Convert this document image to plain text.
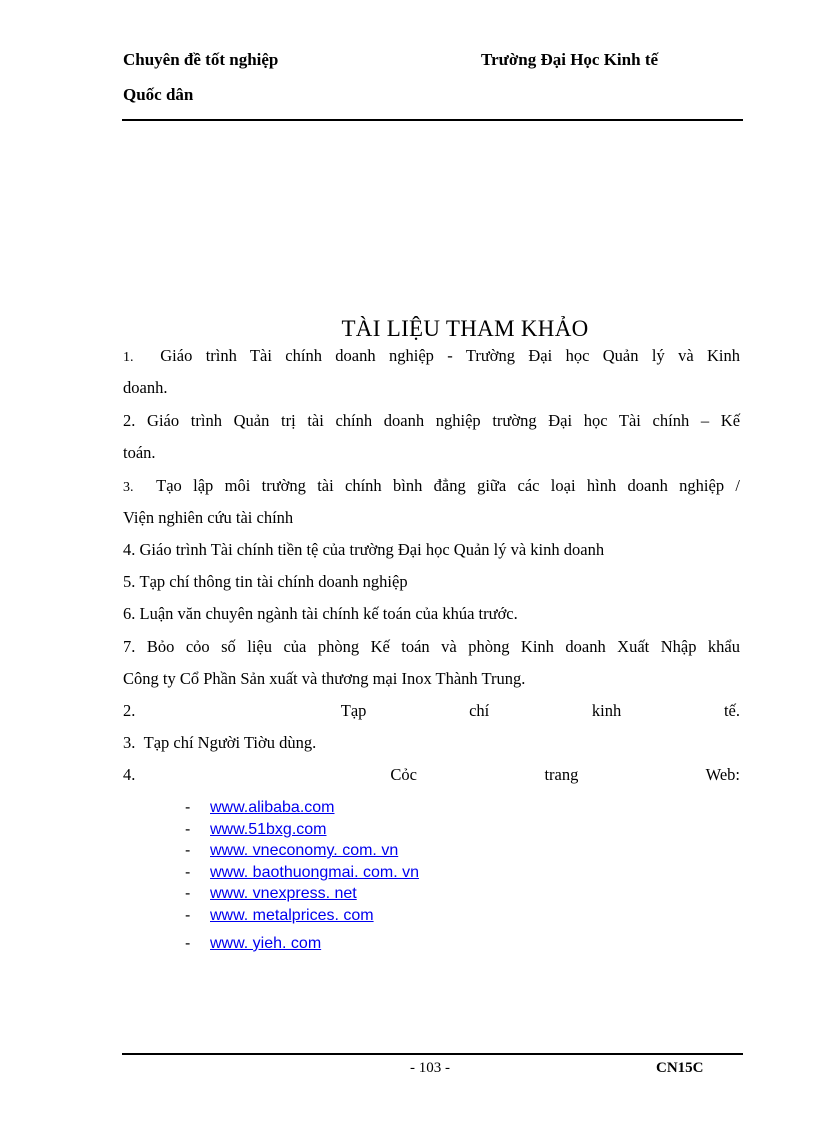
Chuyên đề tốt nghiệp	Trường Đại Học Kinh tế
Quốc dân
TÀI LIỆU THAM KHẢO
1. Giáo trình Tài chính doanh nghiệp - Trường Đại học Quản lý và Kinh
doanh.
2. Giáo trình Quản trị tài chính doanh nghiệp trường Đại học Tài chính – Kế
toán.
3. Tạo lập môi trường tài chính bình đẳng giữa các loại hình doanh nghiệp /
Viện nghiên cứu tài chính
4. Giáo trình Tài chính tiền tệ của trường Đại học Quản lý và kinh doanh
5. Tạp chí thông tin tài chính doanh nghiệp
6. Luận văn chuyên ngành tài chính kế toán của khúa trước.
7. Bỏo cỏo số liệu của phòng Kế toán và phòng Kinh doanh Xuất Nhập khẩu
Công ty Cổ Phần Sản xuất và thương mại Inox Thành Trung.
2.	Tạp chí kinh tế.
3. Tạp chí Người Tiờu dùng.
4.	Cỏc trang Web:
- www.alibaba.com
- www.51bxg.com
- www. vneconomy. com. vn
- www. baothuongmai. com. vn
- www. vnexpress. net
- www. metalprices. com
- www. yieh. com
- 103 -	CN15C
